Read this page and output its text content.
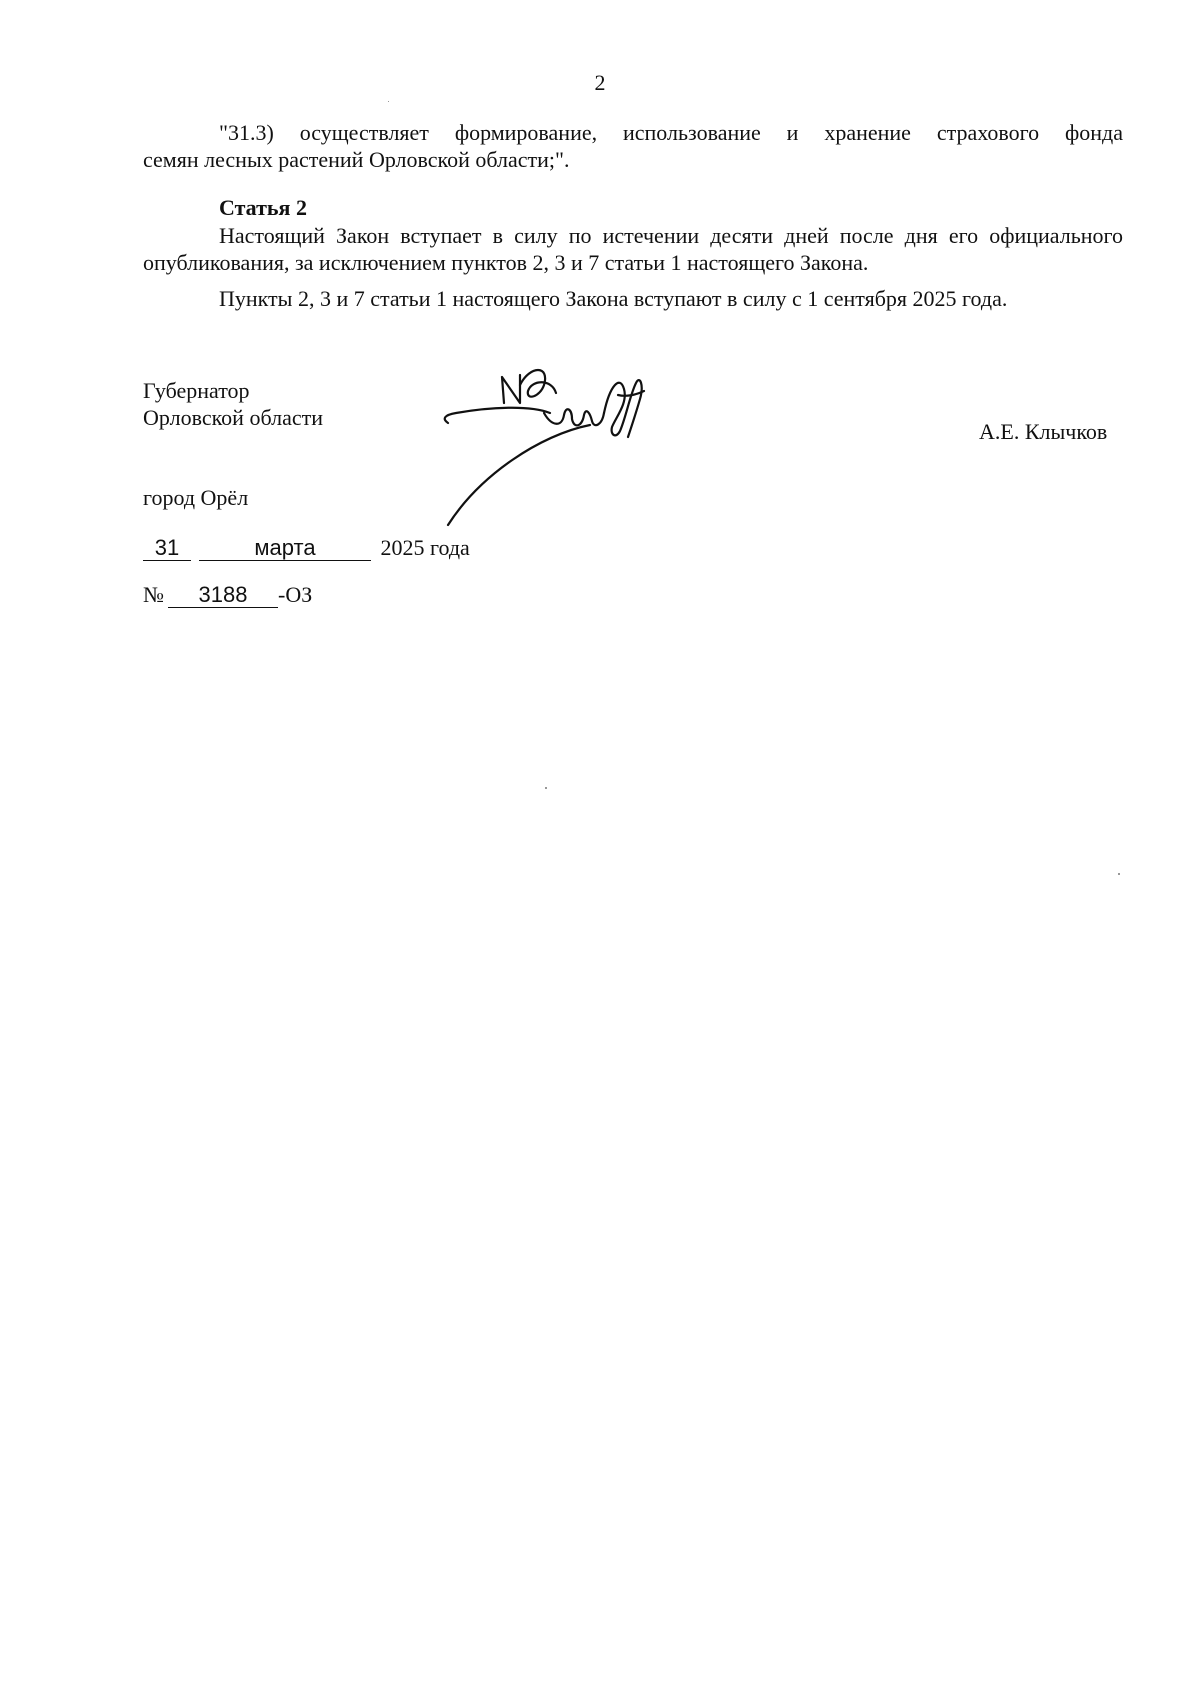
2
"31.3) осуществляет формирование, использование и хранение страхового фонда
семян лесных растений Орловской области;".
Статья 2
Настоящий Закон вступает в силу по истечении десяти дней после дня его официального
опубликования, за исключением пунктов 2, 3 и 7 статьи 1 настоящего Закона.
Пункты 2, 3 и 7 статьи 1 настоящего Закона вступают в силу с 1 сентября 2025 года.
Губернатор
Орловской области
А.Е. Клычков
город Орёл
31	марта	2025 года
№ 3188 -ОЗ
